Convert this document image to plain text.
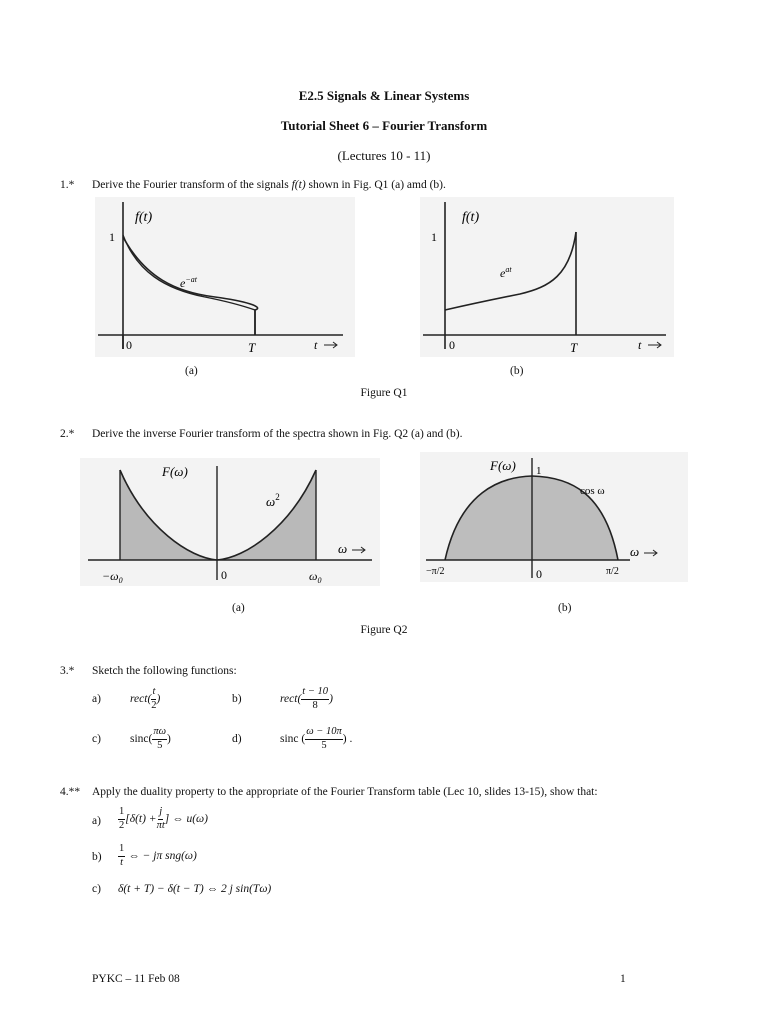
E2.5 Signals & Linear Systems
Tutorial Sheet 6 – Fourier Transform
(Lectures 10 - 11)
1.* Derive the Fourier transform of the signals f(t) shown in Fig. Q1 (a) amd (b).
f(t)
1
$e^{-at}$
0	T	t
f(t)
1
$e^{at}$
0	T	t
(a)	(b)
Figure Q1
2.* Derive the inverse Fourier transform of the spectra shown in Fig. Q2 (a) and (b).
F(ω)
$\omega^2$
$-\omega_0$	0	$\omega_0$
ω
F(ω) 1
cos ω
−π/2	0	π/2
ω
(a)	(b)
Figure Q2
3.* Sketch the following functions:
a)	rect( $\frac{t}{2}$ )	b)	rect( $\frac{t - 10}{8}$ )
c)	$\sin c( \frac{\pi\omega}{5}$ )	d)	sinc ( $\frac{\omega - 10\pi}{5}$ ) .
4.** Apply the duality property to the appropriate of the Fourier Transform table (Lec 10, slides 13-15), show that:
$a) \frac{1}{2} [\delta(t) + \frac{j}{\pi t}$ ] ⇔ u(ω)
$b) \frac{1}{t}$ ⇔ − jπ sng(ω)
c) δ(t + T) − δ(t − T) ⇔ 2 j sin(Tω)
PYKC – 11 Feb 08	1
